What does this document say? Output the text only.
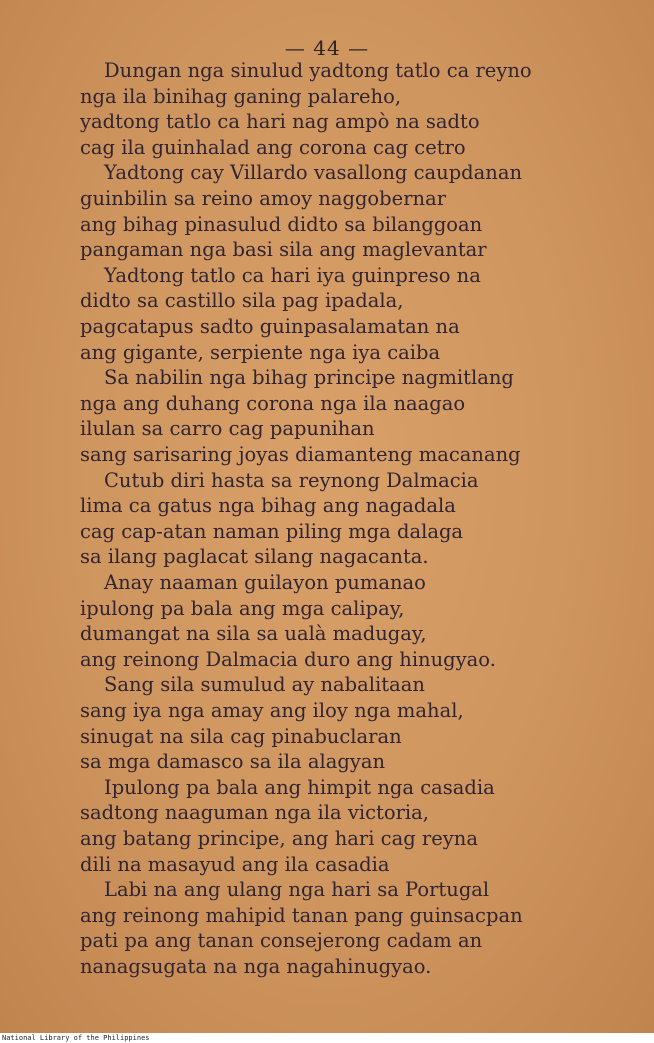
— 44 —
Dungan nga sinulud yadtong tatlo ca reyno
nga ila binihag ganing palareho,
yadtong tatlo ca hari nag ampò na sadto
cag ila guinhalad ang corona cag cetro
Yadtong cay Villardo vasallong caupdanan
guinbilin sa reino amoy naggobernar
ang bihag pinasulud didto sa bilanggoan
pangaman nga basi sila ang maglevantar
Yadtong tatlo ca hari iya guinpreso na
didto sa castillo sila pag ipadala,
pagcatapus sadto guinpasalamatan na
ang gigante, serpiente nga iya caiba
Sa nabilin nga bihag principe nagmitlang
nga ang duhang corona nga ila naagao
ilulan sa carro cag papunihan
sang sarisaring joyas diamanteng macanang
Cutub diri hasta sa reynong Dalmacia
lima ca gatus nga bihag ang nagadala
cag cap-atan naman piling mga dalaga
sa ilang paglacat silang nagacanta.
Anay naaman guilayon pumanao
ipulong pa bala ang mga calipay,
dumangat na sila sa ualà madugay,
ang reinong Dalmacia duro ang hinugyao.
Sang sila sumulud ay nabalitaan
sang iya nga amay ang iloy nga mahal,
sinugat na sila cag pinabuclaran
sa mga damasco sa ila alagyan
Ipulong pa bala ang himpit nga casadia
sadtong naaguman nga ila victoria,
ang batang principe, ang hari cag reyna
dili na masayud ang ila casadia
Labi na ang ulang nga hari sa Portugal
ang reinong mahipid tanan pang guinsacpan
pati pa ang tanan consejerong cadam an
nanagsugata na nga nagahinugyao.
National Library of the Philippines
